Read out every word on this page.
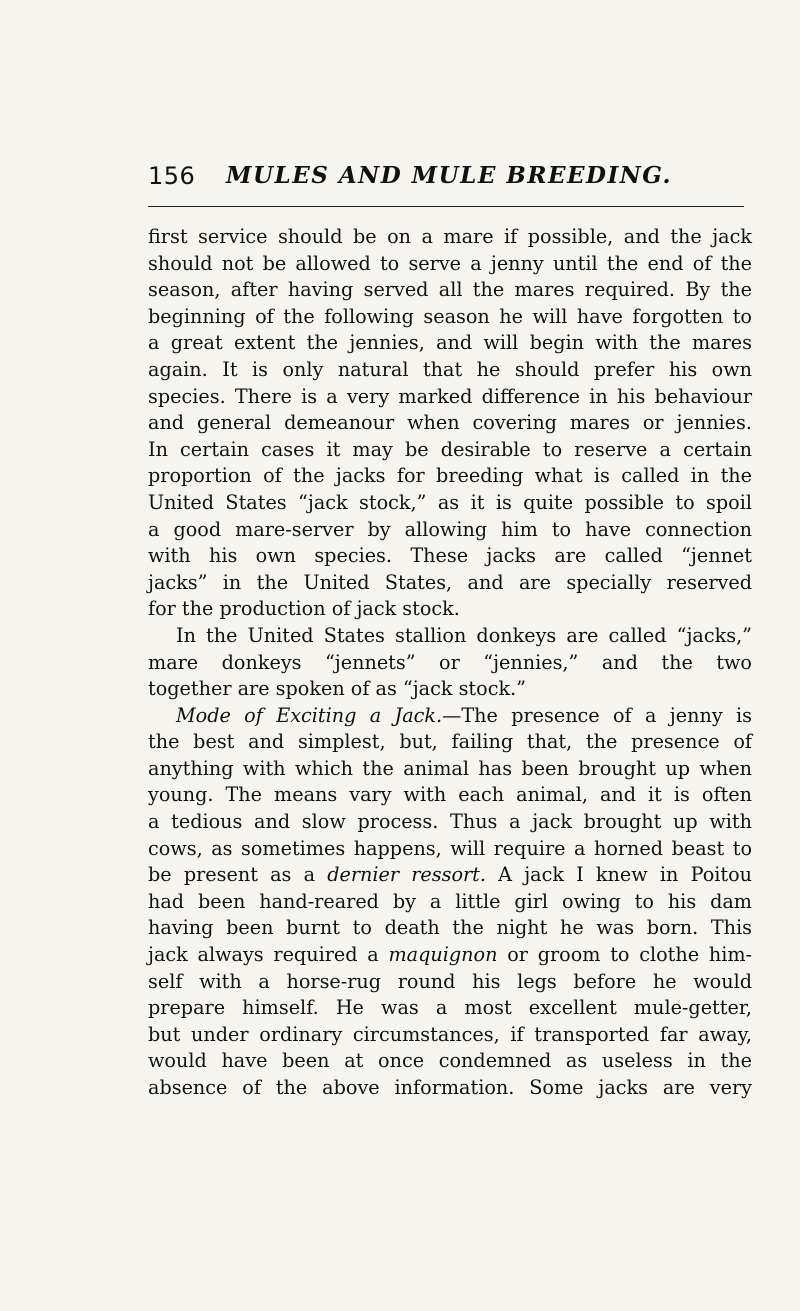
156 MULES AND MULE BREEDING.
first service should be on a mare if possible, and the jack
should not be allowed to serve a jenny until the end of the
season, after having served all the mares required. By the
beginning of the following season he will have forgotten to
a great extent the jennies, and will begin with the mares
again. It is only natural that he should prefer his own
species. There is a very marked difference in his behaviour
and general demeanour when covering mares or jennies.
In certain cases it may be desirable to reserve a certain
proportion of the jacks for breeding what is called in the
United States “jack stock,” as it is quite possible to spoil
a good mare-server by allowing him to have connection
with his own species. These jacks are called “jennet
jacks” in the United States, and are specially reserved
for the production of jack stock.
In the United States stallion donkeys are called “jacks,”
mare donkeys “jennets” or “jennies,” and the two
together are spoken of as “jack stock.”
Mode of Exciting a Jack.—The presence of a jenny is
the best and simplest, but, failing that, the presence of
anything with which the animal has been brought up when
young. The means vary with each animal, and it is often
a tedious and slow process. Thus a jack brought up with
cows, as sometimes happens, will require a horned beast to
be present as a dernier ressort. A jack I knew in Poitou
had been hand-reared by a little girl owing to his dam
having been burnt to death the night he was born. This
jack always required a maquignon or groom to clothe him-
self with a horse-rug round his legs before he would
prepare himself. He was a most excellent mule-getter,
but under ordinary circumstances, if transported far away,
would have been at once condemned as useless in the
absence of the above information. Some jacks are very
